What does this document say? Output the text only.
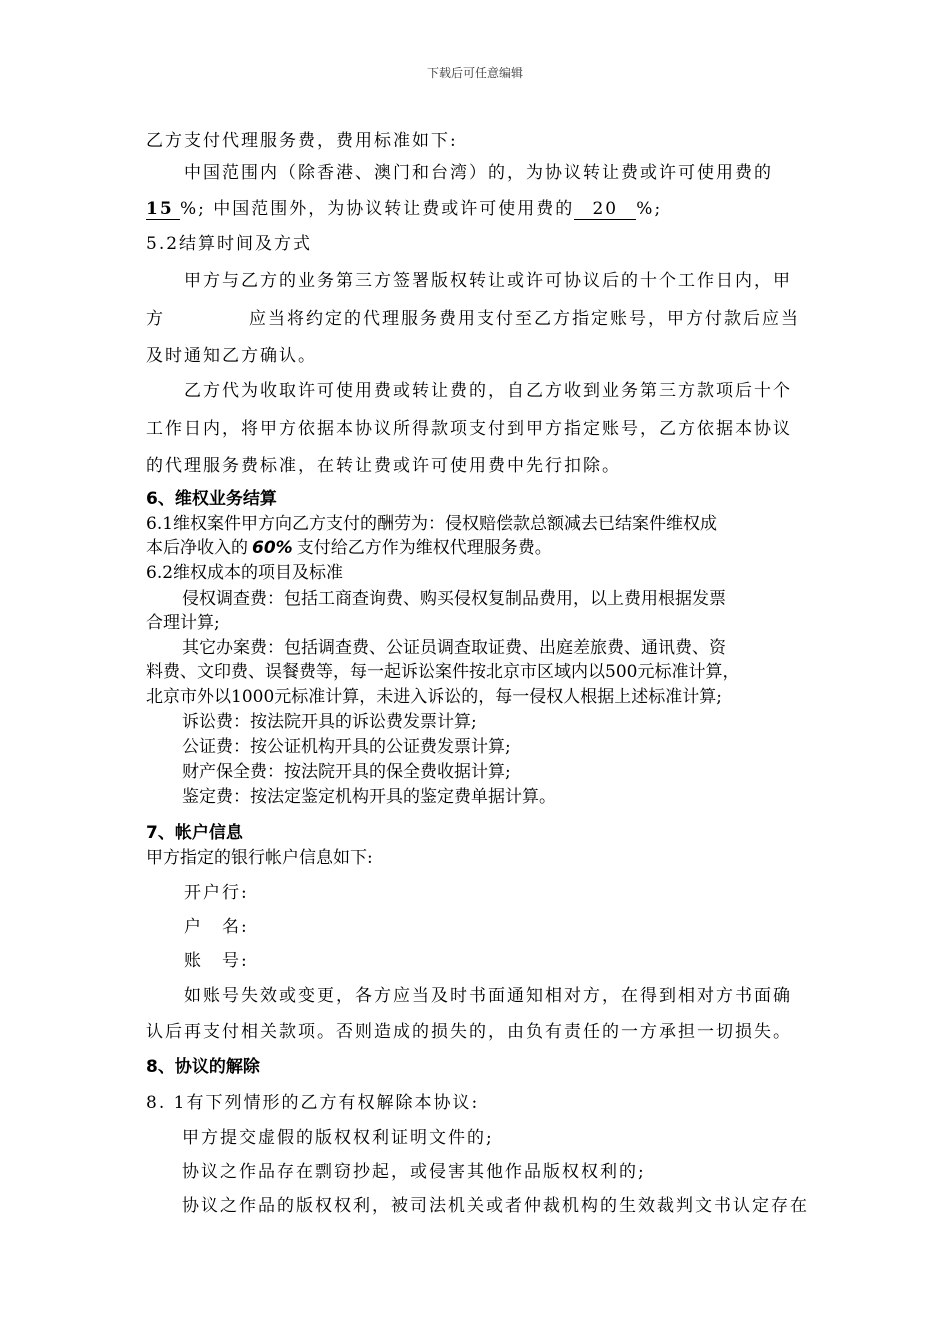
下载后可任意编辑
乙方支付代理服务费，费用标准如下:
中国范围内（除香港、澳门和台湾）的，为协议转让费或许可使用费的
15 %; 中国范围外，为协议转让费或许可使用费的 20 %;
5.2结算时间及方式
甲方与乙方的业务第三方签署版权转让或许可协议后的十个工作日内，甲
方	应当将约定的代理服务费用支付至乙方指定账号，甲方付款后应当
及时通知乙方确认。
乙方代为收取许可使用费或转让费的，自乙方收到业务第三方款项后十个
工作日内，将甲方依据本协议所得款项支付到甲方指定账号，乙方依据本协议
的代理服务费标准，在转让费或许可使用费中先行扣除。
6、维权业务结算
6.1维权案件甲方向乙方支付的酬劳为：侵权赔偿款总额减去已结案件维权成
本后净收入的 60% 支付给乙方作为维权代理服务费。
6.2维权成本的项目及标准
侵权调查费：包括工商查询费、购买侵权复制品费用，以上费用根据发票
合理计算;
其它办案费：包括调查费、公证员调查取证费、出庭差旅费、通讯费、资
料费、文印费、误餐费等，每一起诉讼案件按北京市区域内以500元标准计算，
北京市外以1000元标准计算，未进入诉讼的，每一侵权人根据上述标准计算;
诉讼费：按法院开具的诉讼费发票计算;
公证费：按公证机构开具的公证费发票计算;
财产保全费：按法院开具的保全费收据计算;
鉴定费：按法定鉴定机构开具的鉴定费单据计算。
7、帐户信息
甲方指定的银行帐户信息如下:
开户行:
户　名:
账　号:
如账号失效或变更，各方应当及时书面通知相对方，在得到相对方书面确
认后再支付相关款项。否则造成的损失的，由负有责任的一方承担一切损失。
8、协议的解除
8. 1有下列情形的乙方有权解除本协议:
甲方提交虚假的版权权利证明文件的;
协议之作品存在剽窃抄起，或侵害其他作品版权权利的;
协议之作品的版权权利，被司法机关或者仲裁机构的生效裁判文书认定存在
